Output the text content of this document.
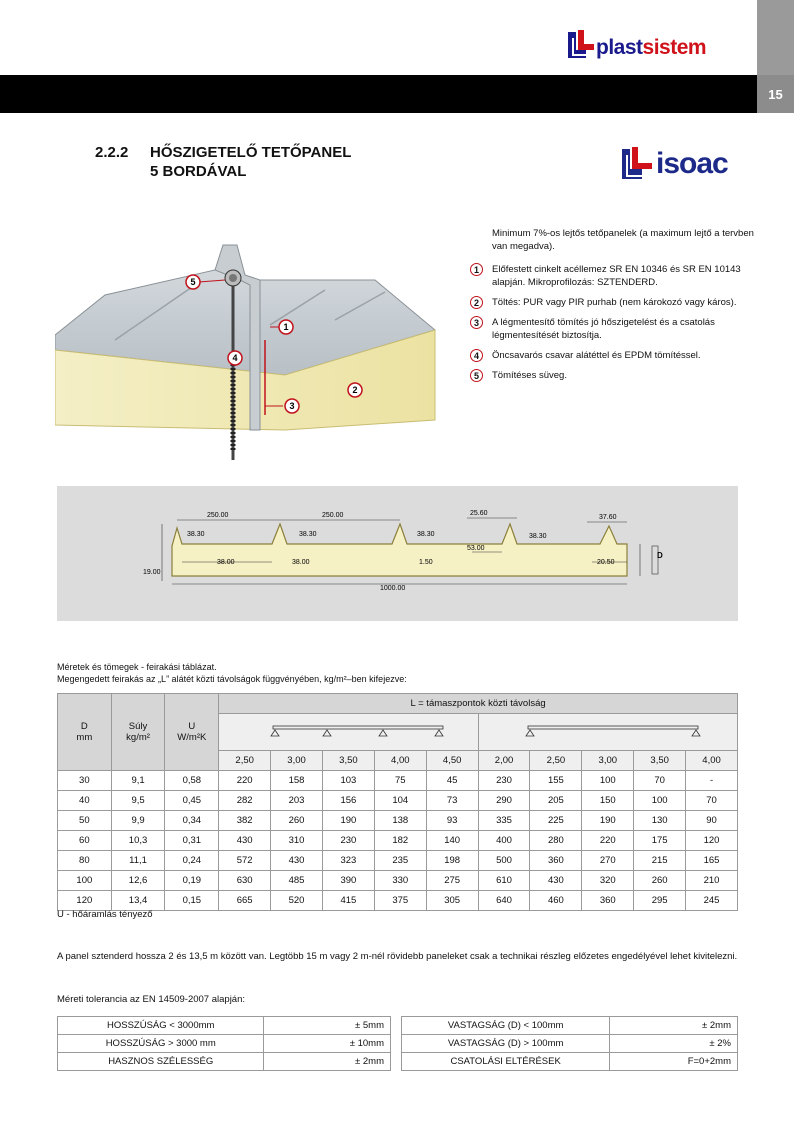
15
plastsistem
2.2.2 HŐSZIGETELŐ TETŐPANEL
5 BORDÁVAL	isoac
5
1
4
2
3
Minimum 7%-os lejtős tetőpanelek (a maximum lejtő a tervben van megadva).
1	Előfestett cinkelt acéllemez SR EN 10346 és SR EN 10143 alapján. Mikroprofilozás: SZTENDERD.
2	Töltés: PUR vagy PIR purhab (nem károkozó vagy káros).
3	A légmentesítő tömítés jó hőszigetelést és a csatolás légmentesítését biztosítja.
4	Öncsavarós csavar alátéttel és EPDM tömítéssel.
5	Tömítéses süveg.
250.00	250.00
38.30	38.30	38.30	38.30
25.60
37.60
38.00	38.00
53.00
1.50	20.50
19.00
1000.00
D
Méretek és tömegek - feirakási táblázat.
Megengedett feirakás az „L” alátét közti távolságok függvényében, kg/m²–ben kifejezve:
D
mm	Súly
kg/m²	U
W/m²K	L = támaszpontok közti távolság									

			2,50	3,00	3,50	4,00	4,50	2,00	2,50	3,00	3,50	4,00
30	9,1	0,58	220	158	103	75	45	230	155	100	70	-
40	9,5	0,45	282	203	156	104	73	290	205	150	100	70
50	9,9	0,34	382	260	190	138	93	335	225	190	130	90
60	10,3	0,31	430	310	230	182	140	400	280	220	175	120
80	11,1	0,24	572	430	323	235	198	500	360	270	215	165
100	12,6	0,19	630	485	390	330	275	610	430	320	260	210
120	13,4	0,15	665	520	415	375	305	640	460	360	295	245
U - hőáramlás tényező
A panel sztenderd hossza 2 és 13,5 m között van. Legtöbb 15 m vagy 2 m-nél rövidebb paneleket csak a technikai részleg előzetes engedélyével lehet kivitelezni.
Méreti tolerancia az EN 14509-2007 alapján:
HOSSZÚSÁG < 3000mm	± 5mm
HOSSZÚSÁG > 3000 mm	± 10mm
HASZNOS SZÉLESSÉG	± 2mm
VASTAGSÁG (D) < 100mm	± 2mm
VASTAGSÁG (D) > 100mm	± 2%
CSATOLÁSI ELTÉRÉSEK	F=0+2mm
